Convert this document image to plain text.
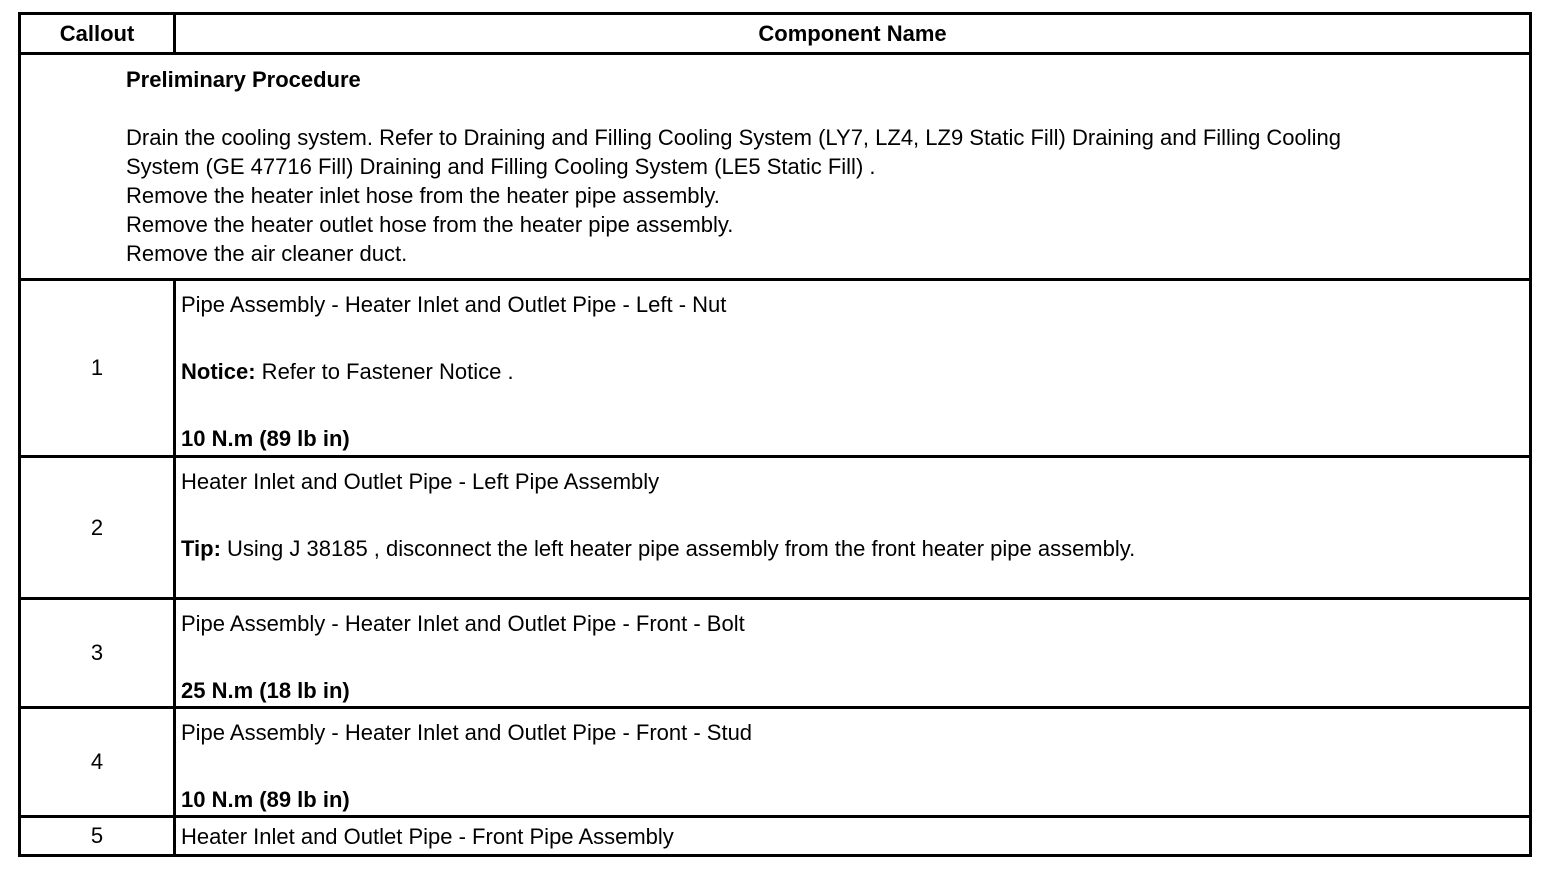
Callout	Component Name

Preliminary Procedure

Drain the cooling system. Refer to Draining and Filling Cooling System (LY7, LZ4, LZ9 Static Fill) Draining and Filling Cooling

System (GE 47716 Fill) Draining and Filling Cooling System (LE5 Static Fill) .

Remove the heater inlet hose from the heater pipe assembly.

Remove the heater outlet hose from the heater pipe assembly.

Remove the air cleaner duct.

1

Pipe Assembly - Heater Inlet and Outlet Pipe - Left - Nut

Notice: Refer to Fastener Notice .

10 N.m (89 lb in)

2

Heater Inlet and Outlet Pipe - Left Pipe Assembly

Tip: Using J 38185 , disconnect the left heater pipe assembly from the front heater pipe assembly.

3

Pipe Assembly - Heater Inlet and Outlet Pipe - Front - Bolt

25 N.m (18 lb in)

4

Pipe Assembly - Heater Inlet and Outlet Pipe - Front - Stud

10 N.m (89 lb in)

5	Heater Inlet and Outlet Pipe - Front Pipe Assembly
